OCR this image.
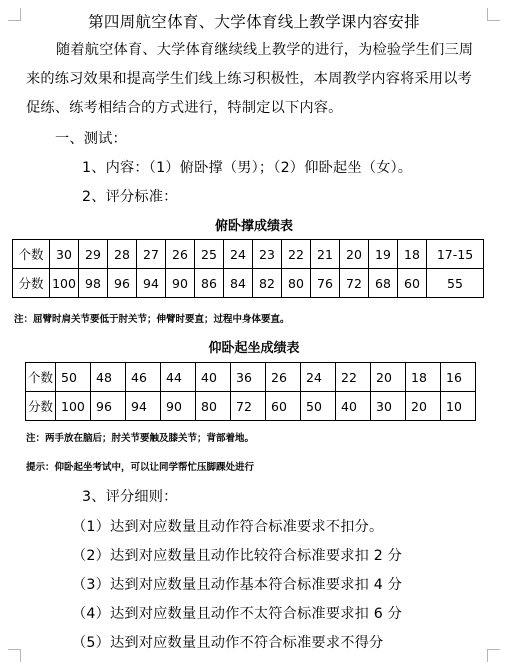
第四周航空体育、大学体育线上教学课内容安排
随着航空体育、大学体育继续线上教学的进行，为检验学生们三周来的练习效果和提高学生们线上练习积极性，本周教学内容将采用以考促练、练考相结合的方式进行，特制定以下内容。
一、测试：
1、内容：（1）俯卧撑（男）；（2）仰卧起坐（女）。
2、评分标准：
俯卧撑成绩表
个数	30	29	28	27	26	25	24	23	22	21	20	19	18	17-15
分数	100	98	96	94	90	86	84	82	80	76	72	68	60	55
注：屈臂时肩关节要低于肘关节；伸臂时要直；过程中身体要直。
仰卧起坐成绩表
个数	50	48	46	44	40	36	26	24	22	20	18	16
分数	100	96	94	90	80	72	60	50	40	30	20	10
注：两手放在脑后；肘关节要触及膝关节；背部着地。
提示：仰卧起坐考试中，可以让同学帮忙压脚踝处进行
3、评分细则：
（1）达到对应数量且动作符合标准要求不扣分。
（2）达到对应数量且动作比较符合标准要求扣 2 分
（3）达到对应数量且动作基本符合标准要求扣 4 分
（4）达到对应数量且动作不太符合标准要求扣 6 分
（5）达到对应数量且动作不符合标准要求不得分
